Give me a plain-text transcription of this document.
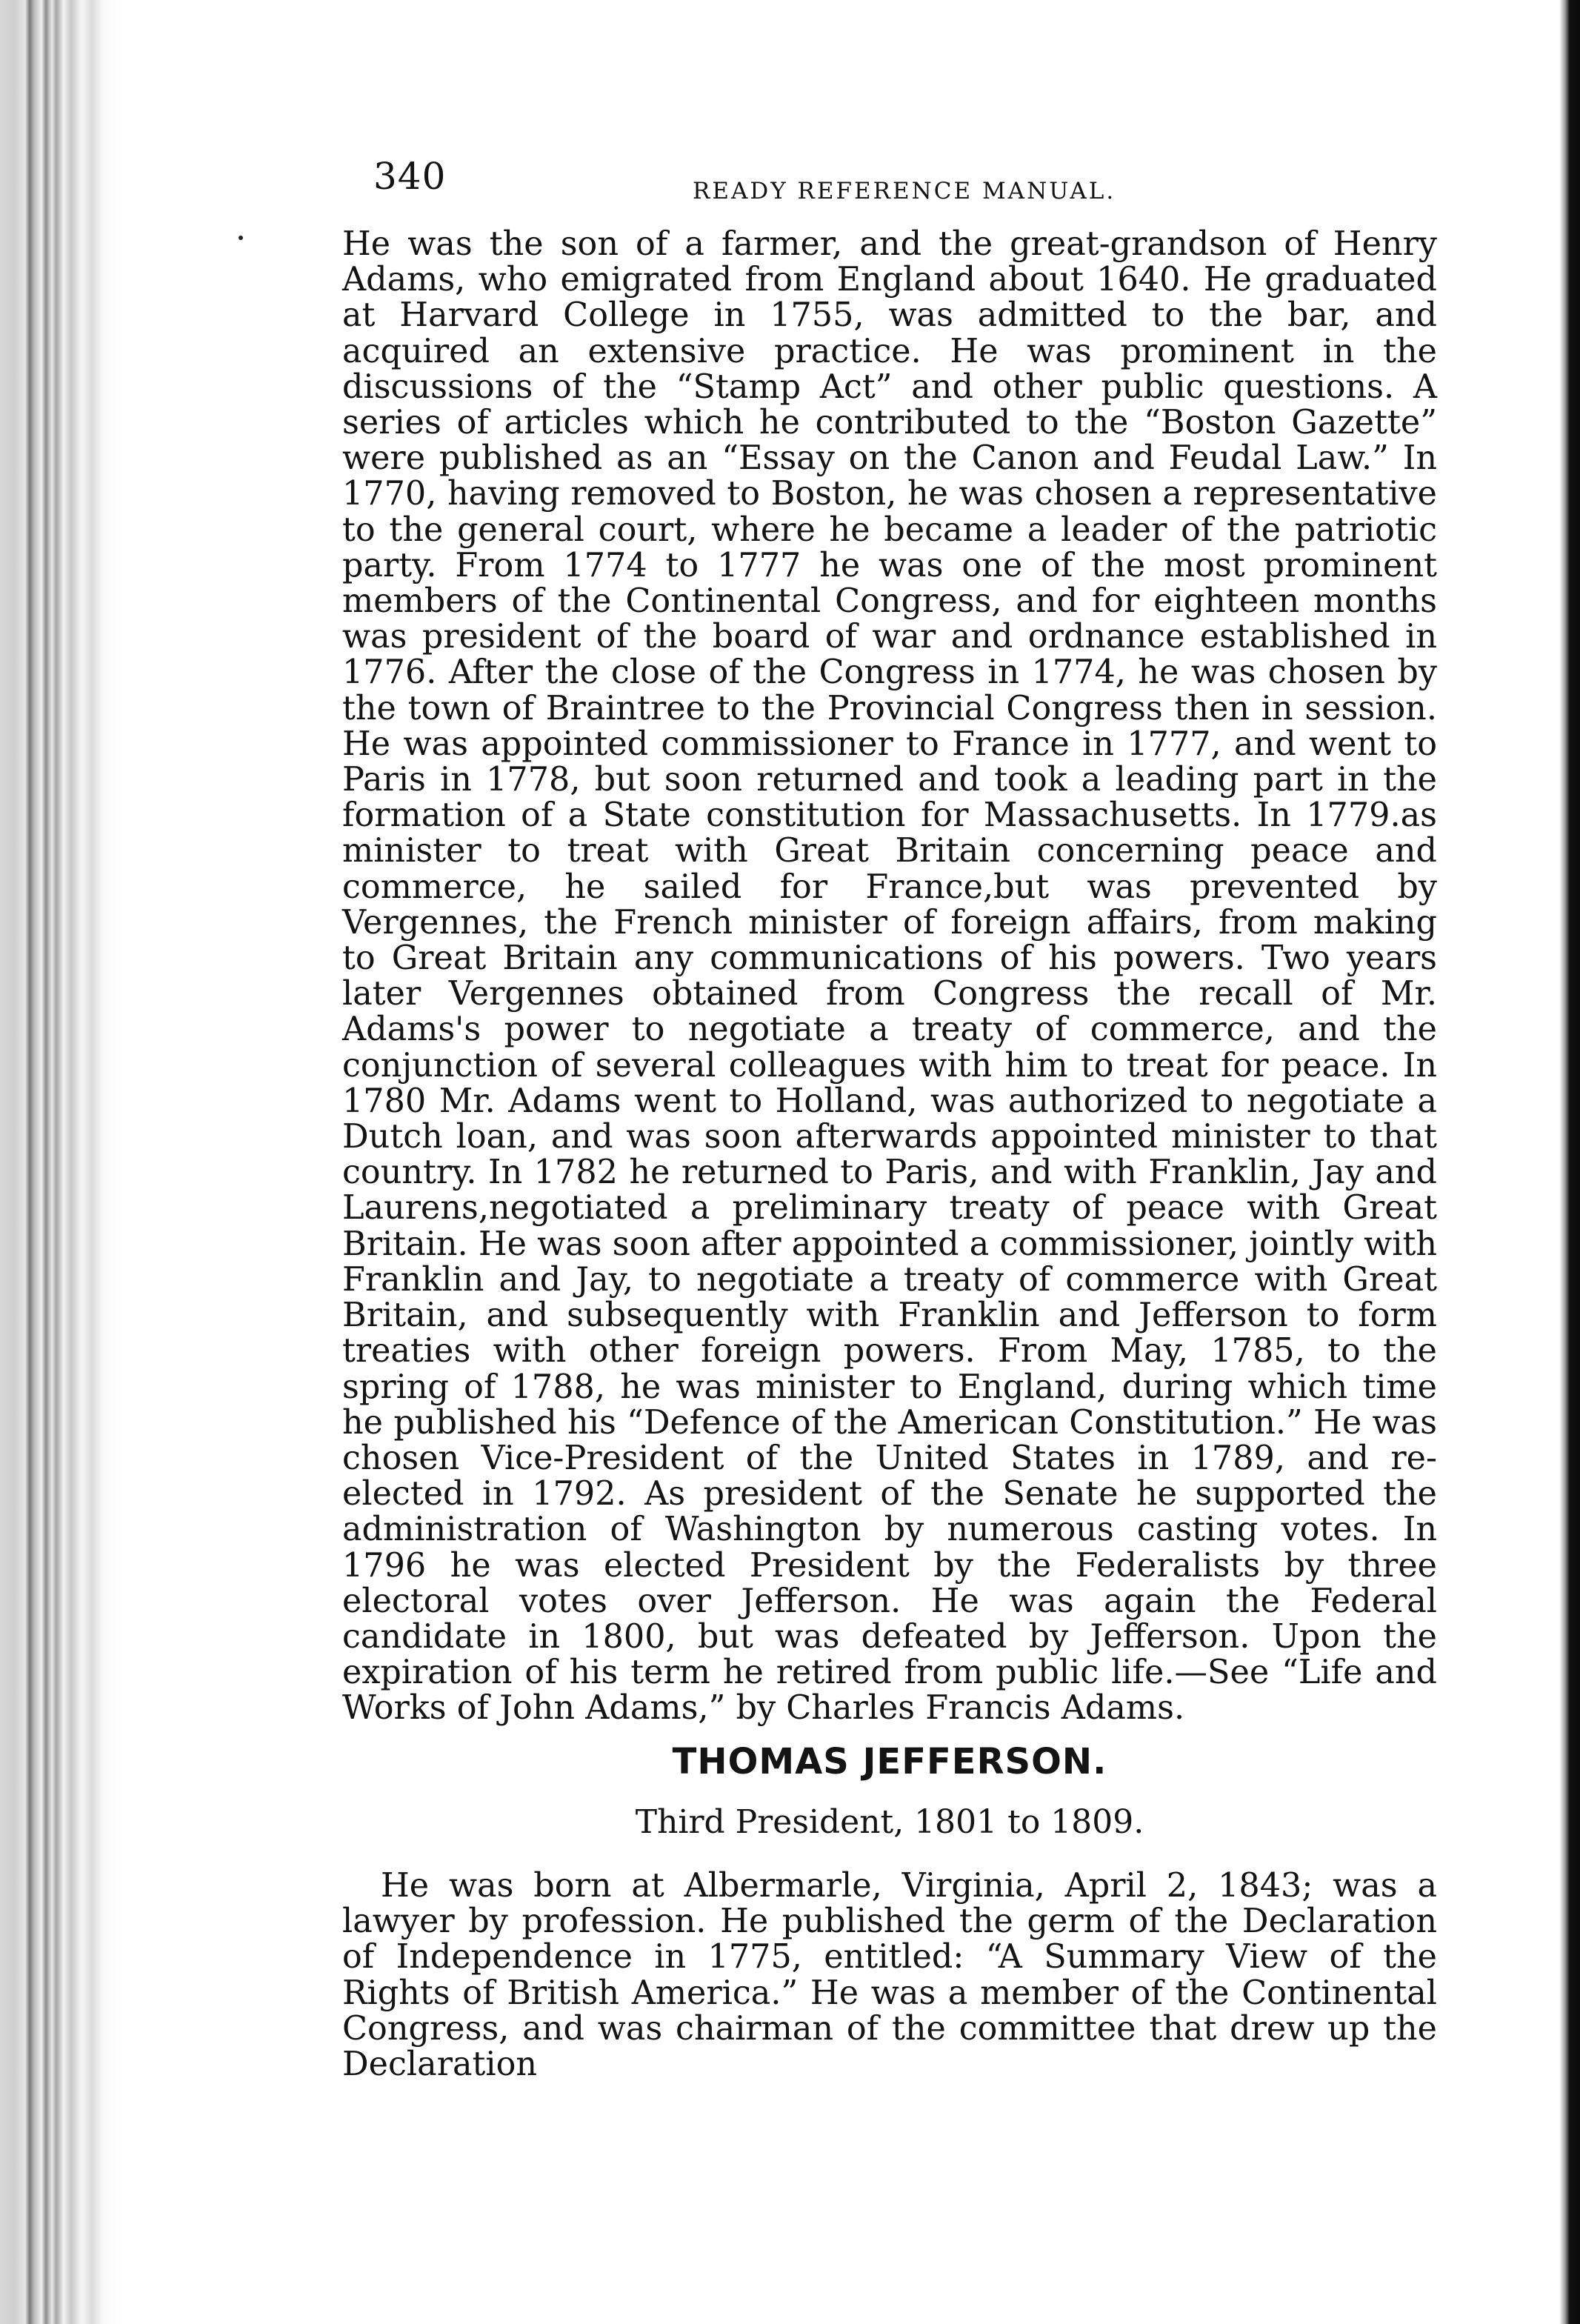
340	READY REFERENCE MANUAL.

He was the son of a farmer, and the great-grandson of Henry Adams, who emigrated from England about 1640. He graduated at Harvard College in 1755, was admitted to the bar, and acquired an extensive practice. He was prominent in the discussions of the “Stamp Act” and other public questions. A series of articles which he contributed to the “Boston Gazette” were published as an “Essay on the Canon and Feudal Law.” In 1770, having removed to Boston, he was chosen a representative to the general court, where he became a leader of the patriotic party. From 1774 to 1777 he was one of the most prominent members of the Continental Congress, and for eighteen months was president of the board of war and ordnance established in 1776. After the close of the Congress in 1774, he was chosen by the town of Braintree to the Provincial Congress then in session. He was appointed commissioner to France in 1777, and went to Paris in 1778, but soon returned and took a leading part in the formation of a State constitution for Massachusetts. In 1779.as minister to treat with Great Britain concerning peace and commerce, he sailed for France,but was prevented by Vergennes, the French minister of foreign affairs, from making to Great Britain any communications of his powers. Two years later Vergennes obtained from Congress the recall of Mr. Adams's power to negotiate a treaty of commerce, and the conjunction of several colleagues with him to treat for peace. In 1780 Mr. Adams went to Holland, was authorized to negotiate a Dutch loan, and was soon afterwards appointed minister to that country. In 1782 he returned to Paris, and with Franklin, Jay and Laurens,negotiated a preliminary treaty of peace with Great Britain. He was soon after appointed a commissioner, jointly with Franklin and Jay, to negotiate a treaty of commerce with Great Britain, and subsequently with Franklin and Jefferson to form treaties with other foreign powers. From May, 1785, to the spring of 1788, he was minister to England, during which time he published his “Defence of the American Constitution.” He was chosen Vice-President of the United States in 1789, and re-elected in 1792. As president of the Senate he supported the administration of Washington by numerous casting votes. In 1796 he was elected President by the Federalists by three electoral votes over Jefferson. He was again the Federal candidate in 1800, but was defeated by Jefferson. Upon the expiration of his term he retired from public life.—See “Life and Works of John Adams,” by Charles Francis Adams.

THOMAS JEFFERSON.
Third President, 1801 to 1809.

He was born at Albermarle, Virginia, April 2, 1843; was a lawyer by profession. He published the germ of the Declaration of Independence in 1775, entitled: “A Summary View of the Rights of British America.” He was a member of the Continental Congress, and was chairman of the committee that drew up the Declaration
